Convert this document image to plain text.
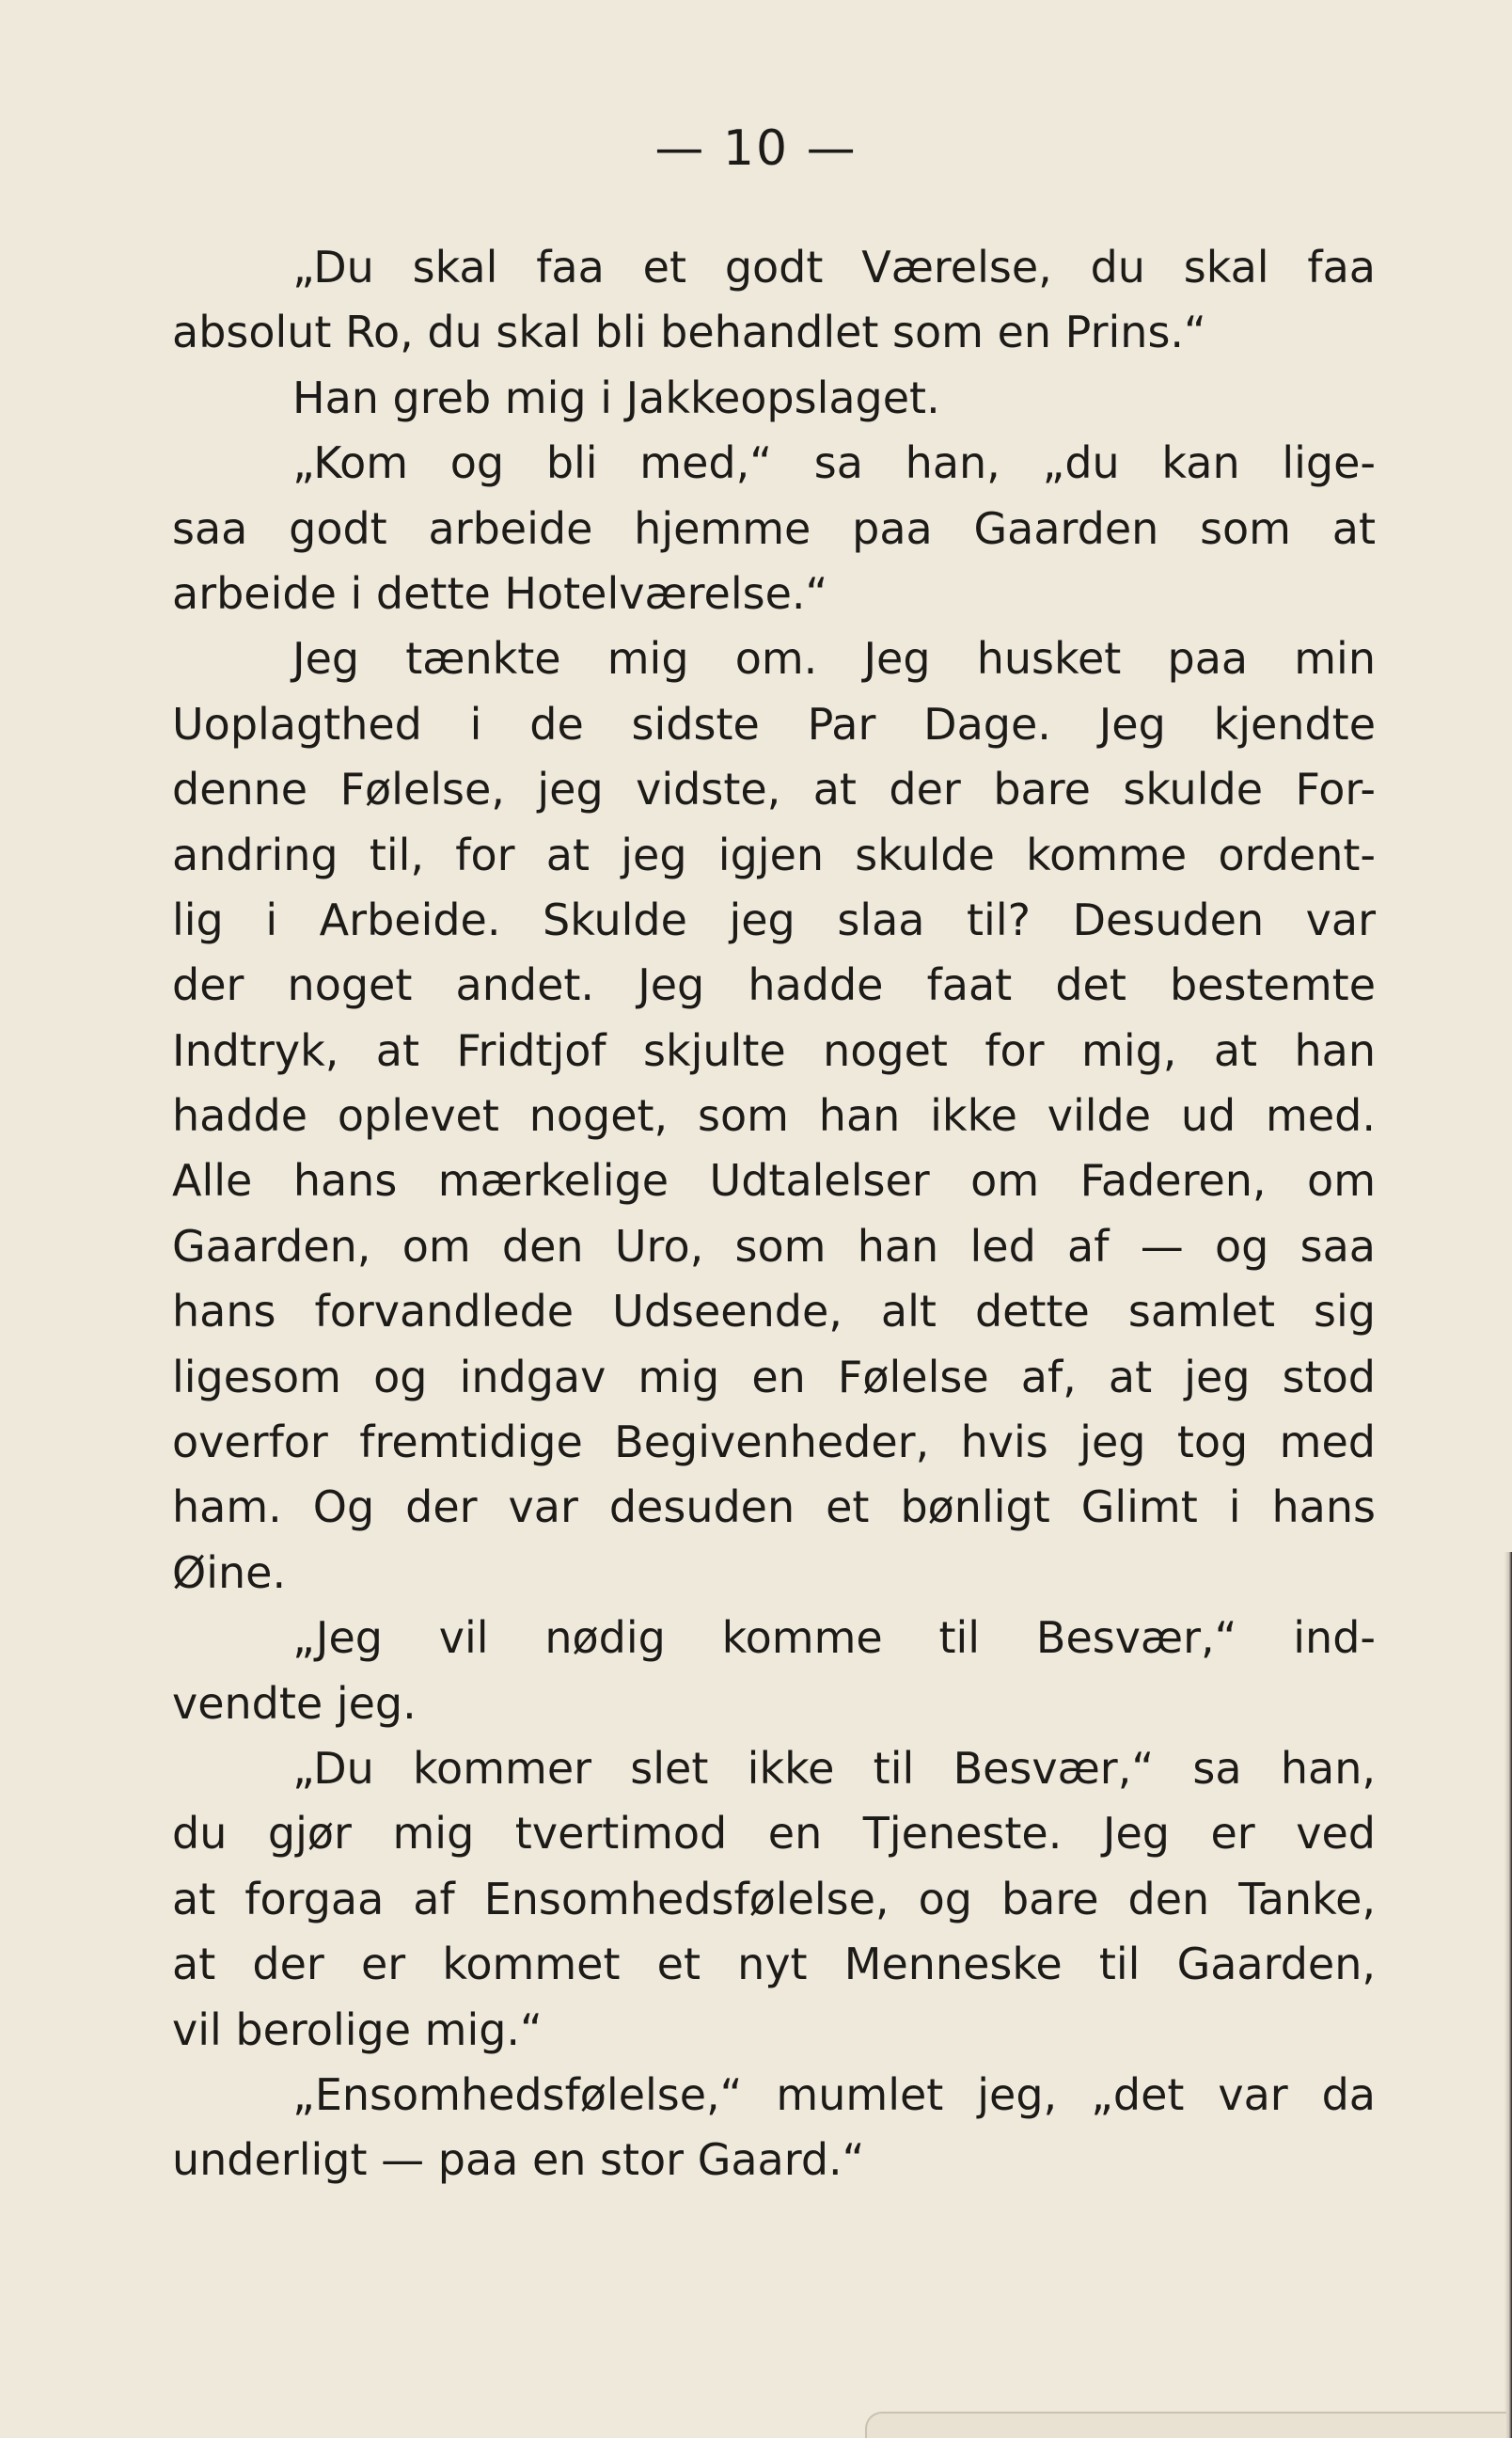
— 10 —
„Du skal faa et godt Værelse, du skal faa
absolut Ro, du skal bli behandlet som en Prins.“
Han greb mig i Jakkeopslaget.
„Kom og bli med,“ sa han, „du kan lige-
saa godt arbeide hjemme paa Gaarden som at
arbeide i dette Hotelværelse.“
Jeg tænkte mig om. Jeg husket paa min
Uoplagthed i de sidste Par Dage. Jeg kjendte
denne Følelse, jeg vidste, at der bare skulde For-
andring til, for at jeg igjen skulde komme ordent-
lig i Arbeide. Skulde jeg slaa til? Desuden var
der noget andet. Jeg hadde faat det bestemte
Indtryk, at Fridtjof skjulte noget for mig, at han
hadde oplevet noget, som han ikke vilde ud med.
Alle hans mærkelige Udtalelser om Faderen, om
Gaarden, om den Uro, som han led af — og saa
hans forvandlede Udseende, alt dette samlet sig
ligesom og indgav mig en Følelse af, at jeg stod
overfor fremtidige Begivenheder, hvis jeg tog med
ham. Og der var desuden et bønligt Glimt i hans
Øine.
„Jeg vil nødig komme til Besvær,“ ind-
vendte jeg.
„Du kommer slet ikke til Besvær,“ sa han,
du gjør mig tvertimod en Tjeneste. Jeg er ved
at forgaa af Ensomhedsfølelse, og bare den Tanke,
at der er kommet et nyt Menneske til Gaarden,
vil berolige mig.“
„Ensomhedsfølelse,“ mumlet jeg, „det var da
underligt — paa en stor Gaard.“
